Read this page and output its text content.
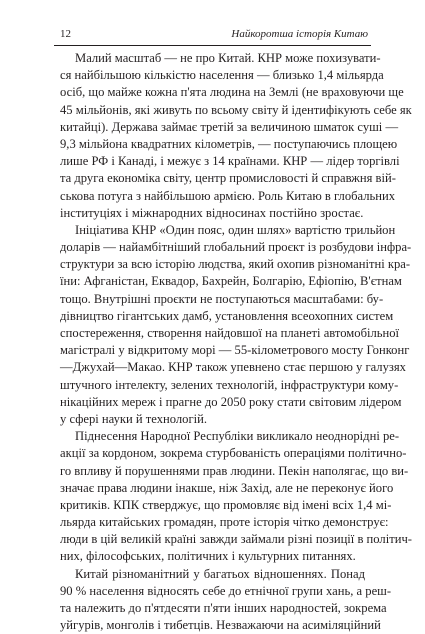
12	Найкоротша історія Китаю
Малий масштаб — не про Китай. КНР може похизувати-
ся найбільшою кількістю населення — близько 1,4 мільярда
осіб, що майже кожна п'ята людина на Землі (не враховуючи ще
45 мільйонів, які живуть по всьому світу й ідентифікують себе як
китайці). Держава займає третій за величиною шматок суші —
9,3 мільйона квадратних кілометрів, — поступаючись площею
лише РФ і Канаді, і межує з 14 країнами. КНР — лідер торгівлі
та друга економіка світу, центр промисловості й справжня вій-
ськова потуга з найбільшою армією. Роль Китаю в глобальних
інституціях і міжнародних відносинах постійно зростає.
Ініціатива КНР «Один пояс, один шлях» вартістю трильйон
доларів — найамбітніший глобальний проєкт із розбудови інфра-
структури за всю історію людства, який охопив різноманітні кра-
їни: Афганістан, Еквадор, Бахрейн, Болгарію, Ефіопію, В'єтнам
тощо. Внутрішні проєкти не поступаються масштабами: бу-
дівництво гігантських дамб, установлення всеохопних систем
спостереження, створення найдовшої на планеті автомобільної
магістралі у відкритому морі — 55-кілометрового мосту Гонконг
—Джухай—Макао. КНР також упевнено стає першою у галузях
штучного інтелекту, зелених технологій, інфраструктури кому-
нікаційних мереж і прагне до 2050 року стати світовим лідером
у сфері науки й технологій.
Піднесення Народної Республіки викликало неоднорідні ре-
акції за кордоном, зокрема стурбованість операціями політично-
го впливу й порушеннями прав людини. Пекін наполягає, що ви-
значає права людини інакше, ніж Захід, але не переконує його
критиків. КПК стверджує, що промовляє від імені всіх 1,4 мі-
льярда китайських громадян, проте історія чітко демонструє:
люди в цій великій країні завжди займали різні позиції в політич-
них, філософських, політичних і культурних питаннях.
Китай різноманітний у багатьох відношеннях. Понад
90 % населення відносять себе до етнічної групи хань, а реш-
та належить до п'ятдесяти п'яти інших народностей, зокрема
уйгурів, монголів і тибетців. Незважаючи на асиміляційний
